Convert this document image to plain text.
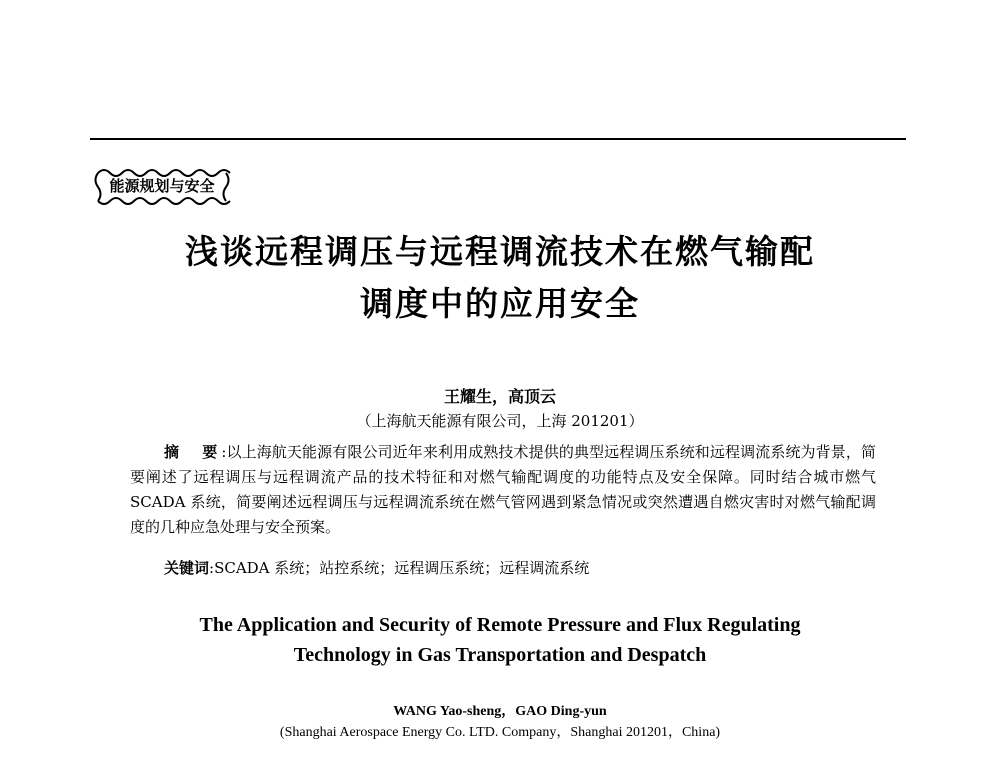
能源规划与安全
浅谈远程调压与远程调流技术在燃气输配
调度中的应用安全

王耀生，高顶云

（上海航天能源有限公司，上海 201201）

摘　要:以上海航天能源有限公司近年来利用成熟技术提供的典型远程调压系统和远程调流系统为背景，简要阐述了远程调压与远程调流产品的技术特征和对燃气输配调度的功能特点及安全保障。同时结合城市燃气 SCADA 系统，简要阐述远程调压与远程调流系统在燃气管网遇到紧急情况或突然遭遇自燃灾害时对燃气输配调度的几种应急处理与安全预案。

关键词:SCADA 系统；站控系统；远程调压系统；远程调流系统

The Application and Security of Remote Pressure and Flux Regulating

Technology in Gas Transportation and Despatch

WANG Yao-sheng，GAO Ding-yun

(Shanghai Aerospace Energy Co. LTD. Company，Shanghai 201201，China)
